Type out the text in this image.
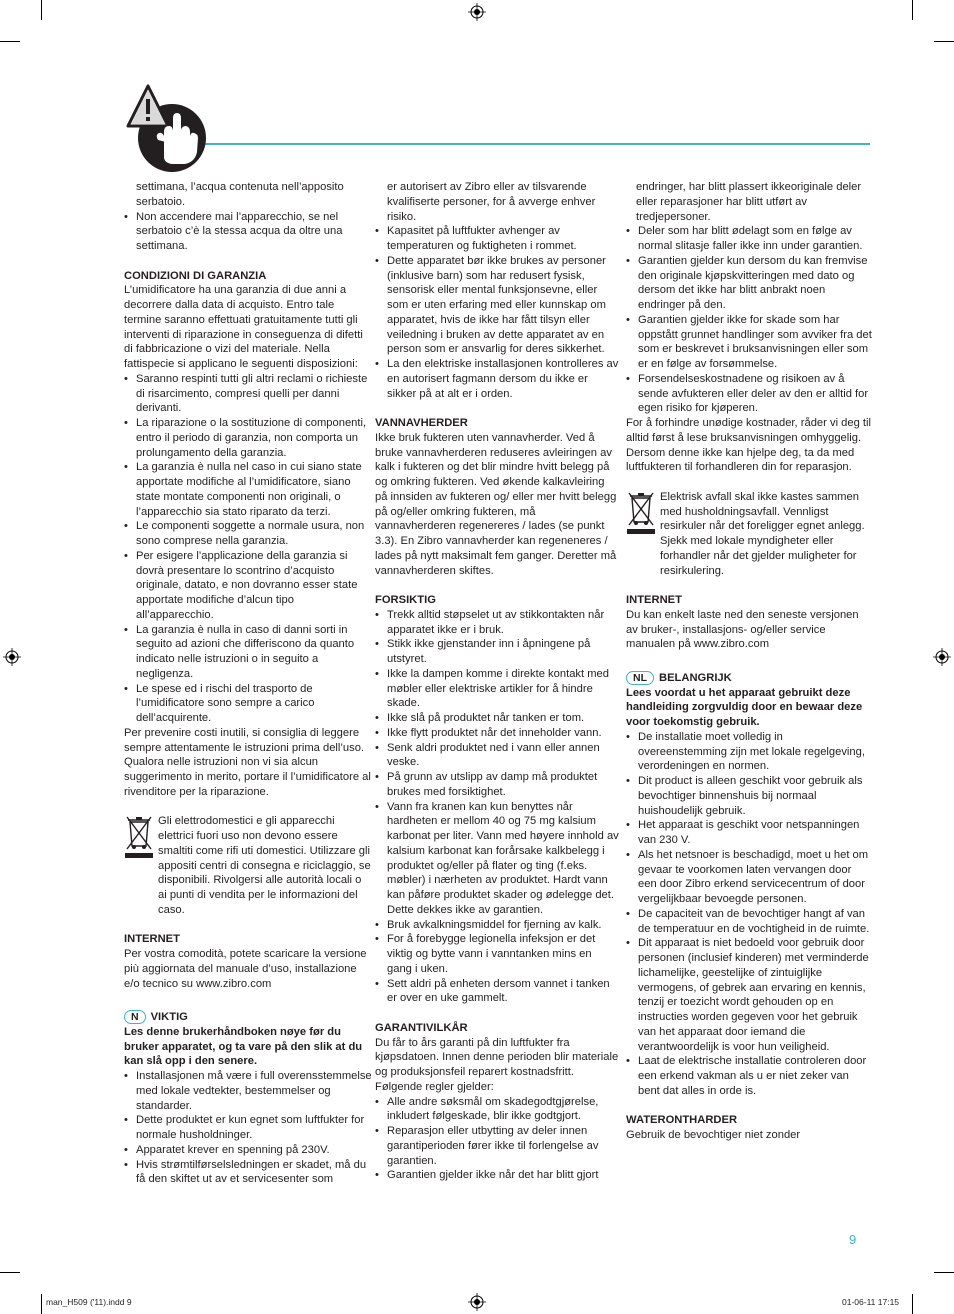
settimana, l’acqua contenuta nell’apposito serbatoio.

• Non accendere mai l’apparecchio, se nel serbatoio c’è la stessa acqua da oltre una settimana.

CONDIZIONI DI GARANZIA

L’umidificatore ha una garanzia di due anni a decorrere dalla data di acquisto. Entro tale termine saranno effettuati gratuitamente tutti gli interventi di riparazione in conseguenza di difetti di fabbricazione o vizi del materiale. Nella fattispecie si applicano le seguenti disposizioni:

• Saranno respinti tutti gli altri reclami o richieste di risarcimento, compresi quelli per danni derivanti.
• La riparazione o la sostituzione di componenti, entro il periodo di garanzia, non comporta un prolungamento della garanzia.
• La garanzia è nulla nel caso in cui siano state apportate modifiche al l’umidificatore, siano state montate componenti non originali, o l’apparecchio sia stato riparato da terzi.
• Le componenti soggette a normale usura, non sono comprese nella garanzia.
• Per esigere l’applicazione della garanzia si dovrà presentare lo scontrino d’acquisto originale, datato, e non dovranno esser state apportate modifiche d’alcun tipo all’apparecchio.
• La garanzia è nulla in caso di danni sorti in seguito ad azioni che differiscono da quanto indicato nelle istruzioni o in seguito a negligenza.
• Le spese ed i rischi del trasporto de l’umidificatore sono sempre a carico dell’acquirente.

Per prevenire costi inutili, si consiglia di leggere sempre attentamente le istruzioni prima dell’uso. Qualora nelle istruzioni non vi sia alcun suggerimento in merito, portare il l’umidificatore al rivenditore per la riparazione.

Gli elettrodomestici e gli apparecchi elettrici fuori uso non devono essere smaltiti come rifi uti domestici. Utilizzare gli appositi centri di consegna e riciclaggio, se disponibili. Rivolgersi alle autorità locali o ai punti di vendita per le informazioni del caso.

INTERNET

Per vostra comodità, potete scaricare la versione più aggiornata del manuale d’uso, installazione e/o tecnico su www.zibro.com

N VIKTIG

Les denne brukerhåndboken nøye før du bruker apparatet, og ta vare på den slik at du kan slå opp i den senere.

• Installasjonen må være i full overensstemmelse med lokale vedtekter, bestemmelser og standarder.
• Dette produktet er kun egnet som luftfukter for normale husholdninger.
• Apparatet krever en spenning på 230V.
• Hvis strømtilførselsledningen er skadet, må du få den skiftet ut av et servicesenter som

er autorisert av Zibro eller av tilsvarende kvalifiserte personer, for å avverge enhver risiko.

• Kapasitet på luftfukter avhenger av temperaturen og fuktigheten i rommet.
• Dette apparatet bør ikke brukes av personer (inklusive barn) som har redusert fysisk, sensorisk eller mental funksjonsevne, eller som er uten erfaring med eller kunnskap om apparatet, hvis de ikke har fått tilsyn eller veiledning i bruken av dette apparatet av en person som er ansvarlig for deres sikkerhet.
• La den elektriske installasjonen kontrolleres av en autorisert fagmann dersom du ikke er sikker på at alt er i orden.

VANNAVHERDER

Ikke bruk fukteren uten vannavherder. Ved å bruke vannavherderen reduseres avleiringen av kalk i fukteren og det blir mindre hvitt belegg på og omkring fukteren. Ved økende kalkavleiring på innsiden av fukteren og/ eller mer hvitt belegg på og/eller omkring fukteren, må vannavherderen regenereres / lades (se punkt 3.3). En Zibro vannavherder kan regeneneres / lades på nytt maksimalt fem ganger. Deretter må vannavherderen skiftes.

FORSIKTIG

• Trekk alltid støpselet ut av stikkontakten når apparatet ikke er i bruk.
• Stikk ikke gjenstander inn i åpningene på utstyret.
• Ikke la dampen komme i direkte kontakt med møbler eller elektriske artikler for å hindre skade.
• Ikke slå på produktet når tanken er tom.
• Ikke flytt produktet når det inneholder vann.
• Senk aldri produktet ned i vann eller annen veske.
• På grunn av utslipp av damp må produktet brukes med forsiktighet.
• Vann fra kranen kan kun benyttes når hardheten er mellom 40 og 75 mg kalsium karbonat per liter. Vann med høyere innhold av kalsium karbonat kan forårsake kalkbelegg i produktet og/eller på flater og ting (f.eks. møbler) i nærheten av produktet. Hardt vann kan påføre produktet skader og ødelegge det. Dette dekkes ikke av garantien.
• Bruk avkalkningsmiddel for fjerning av kalk.
• For å forebygge legionella infeksjon er det viktig og bytte vann i vanntanken mins en gang i uken.
• Sett aldri på enheten dersom vannet i tanken er over en uke gammelt.

GARANTIVILKÅR

Du får to års garanti på din luftfukter fra kjøpsdatoen. Innen denne perioden blir materiale og produksjonsfeil reparert kostnadsfritt.

Følgende regler gjelder:

• Alle andre søksmål om skadegodtgjørelse, inkludert følgeskade, blir ikke godtgjort.
• Reparasjon eller utbytting av deler innen garantiperioden fører ikke til forlengelse av garantien.
• Garantien gjelder ikke når det har blitt gjort

endringer, har blitt plassert ikkeoriginale deler eller reparasjoner har blitt utført av tredjepersoner.

• Deler som har blitt ødelagt som en følge av normal slitasje faller ikke inn under garantien.
• Garantien gjelder kun dersom du kan fremvise den originale kjøpskvitteringen med dato og dersom det ikke har blitt anbrakt noen endringer på den.
• Garantien gjelder ikke for skade som har oppstått grunnet handlinger som avviker fra det som er beskrevet i bruksanvisningen eller som er en følge av forsømmelse.
• Forsendelseskostnadene og risikoen av å sende avfukteren eller deler av den er alltid for egen risiko for kjøperen.

For å forhindre unødige kostnader, råder vi deg til alltid først å lese bruksanvisningen omhyggelig. Dersom denne ikke kan hjelpe deg, ta da med luftfukteren til forhandleren din for reparasjon.

Elektrisk avfall skal ikke kastes sammen med husholdningsavfall. Vennligst resirkuler når det foreligger egnet anlegg. Sjekk med lokale myndigheter eller forhandler når det gjelder muligheter for resirkulering.

INTERNET

Du kan enkelt laste ned den seneste versjonen av bruker-, installasjons- og/eller service manualen på www.zibro.com

NL BELANGRIJK

Lees voordat u het apparaat gebruikt deze handleiding zorgvuldig door en bewaar deze voor toekomstig gebruik.

• De installatie moet volledig in overeenstemming zijn met lokale regelgeving, verordeningen en normen.
• Dit product is alleen geschikt voor gebruik als bevochtiger binnenshuis bij normaal huishoudelijk gebruik.
• Het apparaat is geschikt voor netspanningen van 230 V.
• Als het netsnoer is beschadigd, moet u het om gevaar te voorkomen laten vervangen door een door Zibro erkend servicecentrum of door vergelijkbaar bevoegde personen.
• De capaciteit van de bevochtiger hangt af van de temperatuur en de vochtigheid in de ruimte.
• Dit apparaat is niet bedoeld voor gebruik door personen (inclusief kinderen) met verminderde lichamelijke, geestelijke of zintuiglijke vermogens, of gebrek aan ervaring en kennis, tenzij er toezicht wordt gehouden op en instructies worden gegeven voor het gebruik van het apparaat door iemand die verantwoordelijk is voor hun veiligheid.
• Laat de elektrische installatie controleren door een erkend vakman als u er niet zeker van bent dat alles in orde is.

WATERONTHARDER

Gebruik de bevochtiger niet zonder

9
man_H509 ('11).indd 9	01-06-11 17:15
